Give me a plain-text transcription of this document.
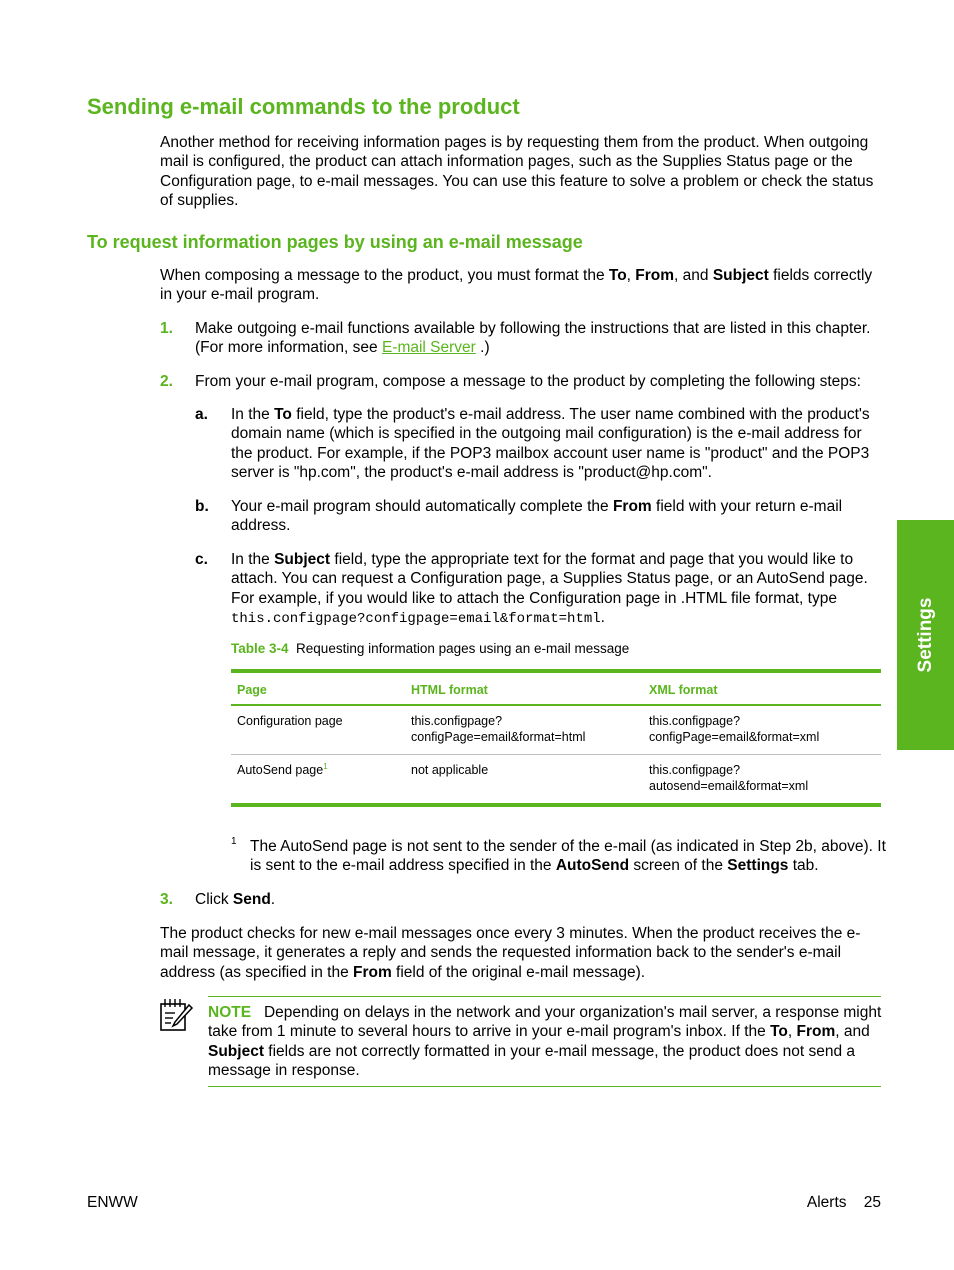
Sending e-mail commands to the product

Another method for receiving information pages is by requesting them from the product. When outgoing mail is configured, the product can attach information pages, such as the Supplies Status page or the Configuration page, to e-mail messages. You can use this feature to solve a problem or check the status of supplies.

To request information pages by using an e-mail message

When composing a message to the product, you must format the To, From, and Subject fields correctly in your e-mail program.

1. Make outgoing e-mail functions available by following the instructions that are listed in this chapter. (For more information, see E-mail Server .)

2. From your e-mail program, compose a message to the product by completing the following steps:

a. In the To field, type the product's e-mail address. The user name combined with the product's domain name (which is specified in the outgoing mail configuration) is the e-mail address for the product. For example, if the POP3 mailbox account user name is "product" and the POP3 server is "hp.com", the product's e-mail address is "product@hp.com".

b. Your e-mail program should automatically complete the From field with your return e-mail address.

c. In the Subject field, type the appropriate text for the format and page that you would like to attach. You can request a Configuration page, a Supplies Status page, or an AutoSend page. For example, if you would like to attach the Configuration page in .HTML file format, type this.configpage?configpage=email&format=html.

Table 3-4 Requesting information pages using an e-mail message
Page	HTML format	XML format
Configuration page	this.configpage?
configPage=email&format=html	this.configpage?
configPage=email&format=xml
AutoSend page$^1$	not applicable	this.configpage?
autosend=email&format=xml
1 The AutoSend page is not sent to the sender of the e-mail (as indicated in Step 2b, above). It is sent to the e-mail address specified in the AutoSend screen of the Settings tab.

3. Click Send.

The product checks for new e-mail messages once every 3 minutes. When the product receives the e-mail message, it generates a reply and sends the requested information back to the sender's e-mail address (as specified in the From field of the original e-mail message).

NOTE Depending on delays in the network and your organization's mail server, a response might take from 1 minute to several hours to arrive in your e-mail program's inbox. If the To, From, and Subject fields are not correctly formatted in your e-mail message, the product does not send a message in response.

Settings
ENWW	Alerts 25
